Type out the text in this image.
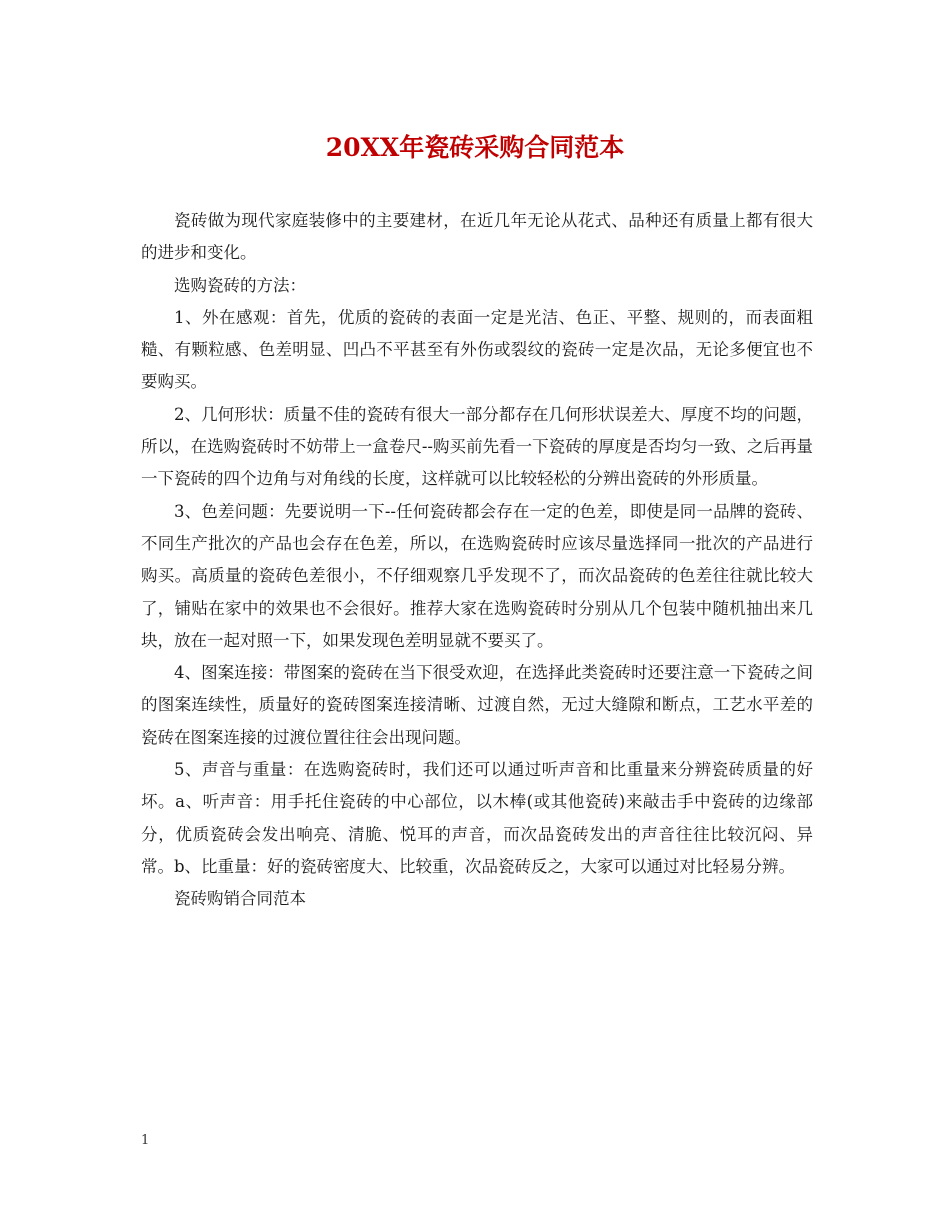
20XX年瓷砖采购合同范本

瓷砖做为现代家庭装修中的主要建材，在近几年无论从花式、品种还有质量上都有很大的进步和变化。

选购瓷砖的方法：

1、外在感观：首先，优质的瓷砖的表面一定是光洁、色正、平整、规则的，而表面粗糙、有颗粒感、色差明显、凹凸不平甚至有外伤或裂纹的瓷砖一定是次品，无论多便宜也不要购买。

2、几何形状：质量不佳的瓷砖有很大一部分都存在几何形状误差大、厚度不均的问题，所以，在选购瓷砖时不妨带上一盒卷尺--购买前先看一下瓷砖的厚度是否均匀一致、之后再量一下瓷砖的四个边角与对角线的长度，这样就可以比较轻松的分辨出瓷砖的外形质量。

3、色差问题：先要说明一下--任何瓷砖都会存在一定的色差，即使是同一品牌的瓷砖、不同生产批次的产品也会存在色差，所以，在选购瓷砖时应该尽量选择同一批次的产品进行购买。高质量的瓷砖色差很小，不仔细观察几乎发现不了，而次品瓷砖的色差往往就比较大了，铺贴在家中的效果也不会很好。推荐大家在选购瓷砖时分别从几个包装中随机抽出来几块，放在一起对照一下，如果发现色差明显就不要买了。

4、图案连接：带图案的瓷砖在当下很受欢迎，在选择此类瓷砖时还要注意一下瓷砖之间的图案连续性，质量好的瓷砖图案连接清晰、过渡自然，无过大缝隙和断点，工艺水平差的瓷砖在图案连接的过渡位置往往会出现问题。

5、声音与重量：在选购瓷砖时，我们还可以通过听声音和比重量来分辨瓷砖质量的好坏。a、听声音：用手托住瓷砖的中心部位，以木棒(或其他瓷砖)来敲击手中瓷砖的边缘部分，优质瓷砖会发出响亮、清脆、悦耳的声音，而次品瓷砖发出的声音往往比较沉闷、异常。b、比重量：好的瓷砖密度大、比较重，次品瓷砖反之，大家可以通过对比轻易分辨。

瓷砖购销合同范本

1
